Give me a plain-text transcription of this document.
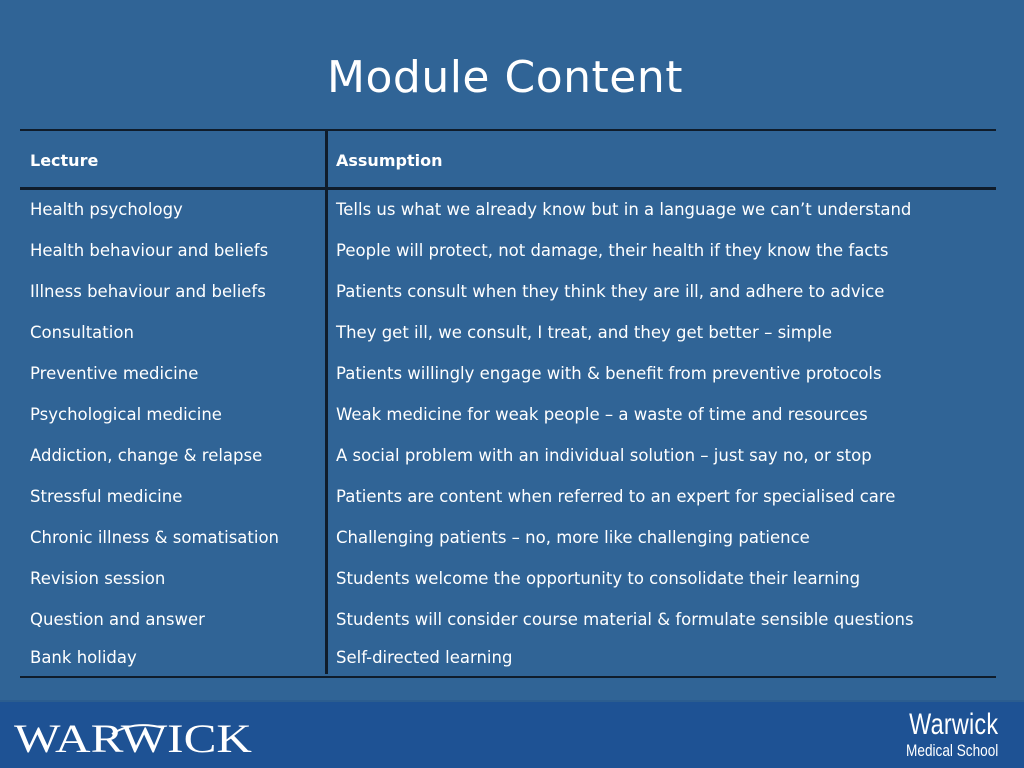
Module Content
Lecture	Assumption
Health psychology	Tells us what we already know but in a language we can’t understand
Health behaviour and beliefs	People will protect, not damage, their health if they know the facts
Illness behaviour and beliefs	Patients consult when they think they are ill, and adhere to advice
Consultation	They get ill, we consult, I treat, and they get better – simple
Preventive medicine	Patients willingly engage with & benefit from preventive protocols
Psychological medicine	Weak medicine for weak people – a waste of time and resources
Addiction, change & relapse	A social problem with an individual solution – just say no, or stop
Stressful medicine	Patients are content when referred to an expert for specialised care
Chronic illness & somatisation	Challenging patients – no, more like challenging patience
Revision session	Students welcome the opportunity to consolidate their learning
Question and answer	Students will consider course material & formulate sensible questions
Bank holiday	Self-directed learning
WARWICK	Warwick
Medical School
